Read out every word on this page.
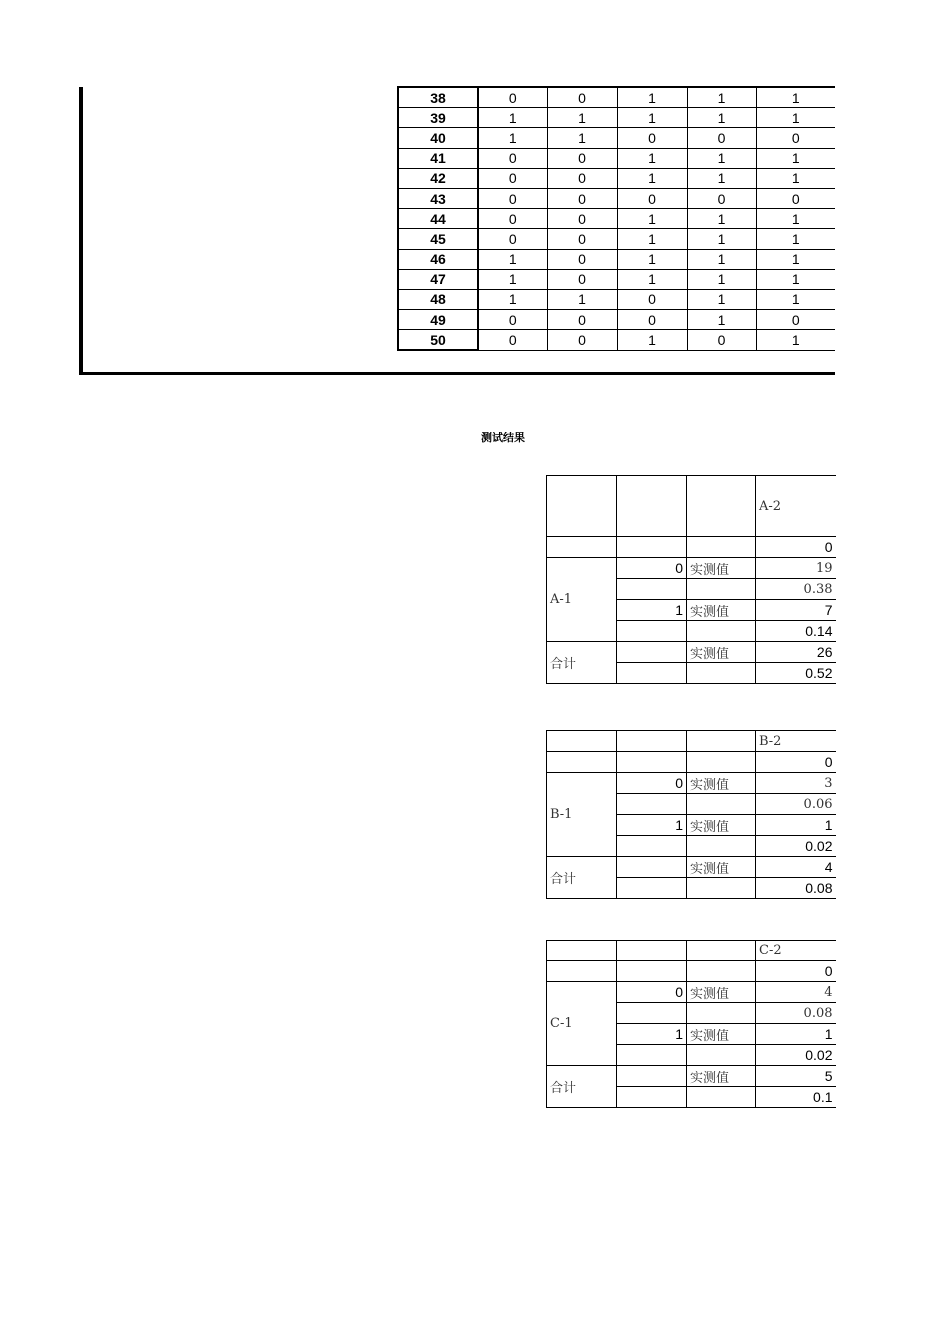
38	0	0	1	1	1
39	1	1	1	1	1
40	1	1	0	0	0
41	0	0	1	1	1
42	0	0	1	1	1
43	0	0	0	0	0
44	0	0	1	1	1
45	0	0	1	1	1
46	1	0	1	1	1
47	1	0	1	1	1
48	1	1	0	1	1
49	0	0	0	1	0
50	0	0	1	0	1
测试结果
			A-2
			0
A-1	0	实测值	19
			0.38
	1	实测值	7
			0.14
合计		实测值	26
			0.52
			B-2
			0
B-1	0	实测值	3
			0.06
	1	实测值	1
			0.02
合计		实测值	4
			0.08
			C-2
			0
C-1	0	实测值	4
			0.08
	1	实测值	1
			0.02
合计		实测值	5
			0.1
